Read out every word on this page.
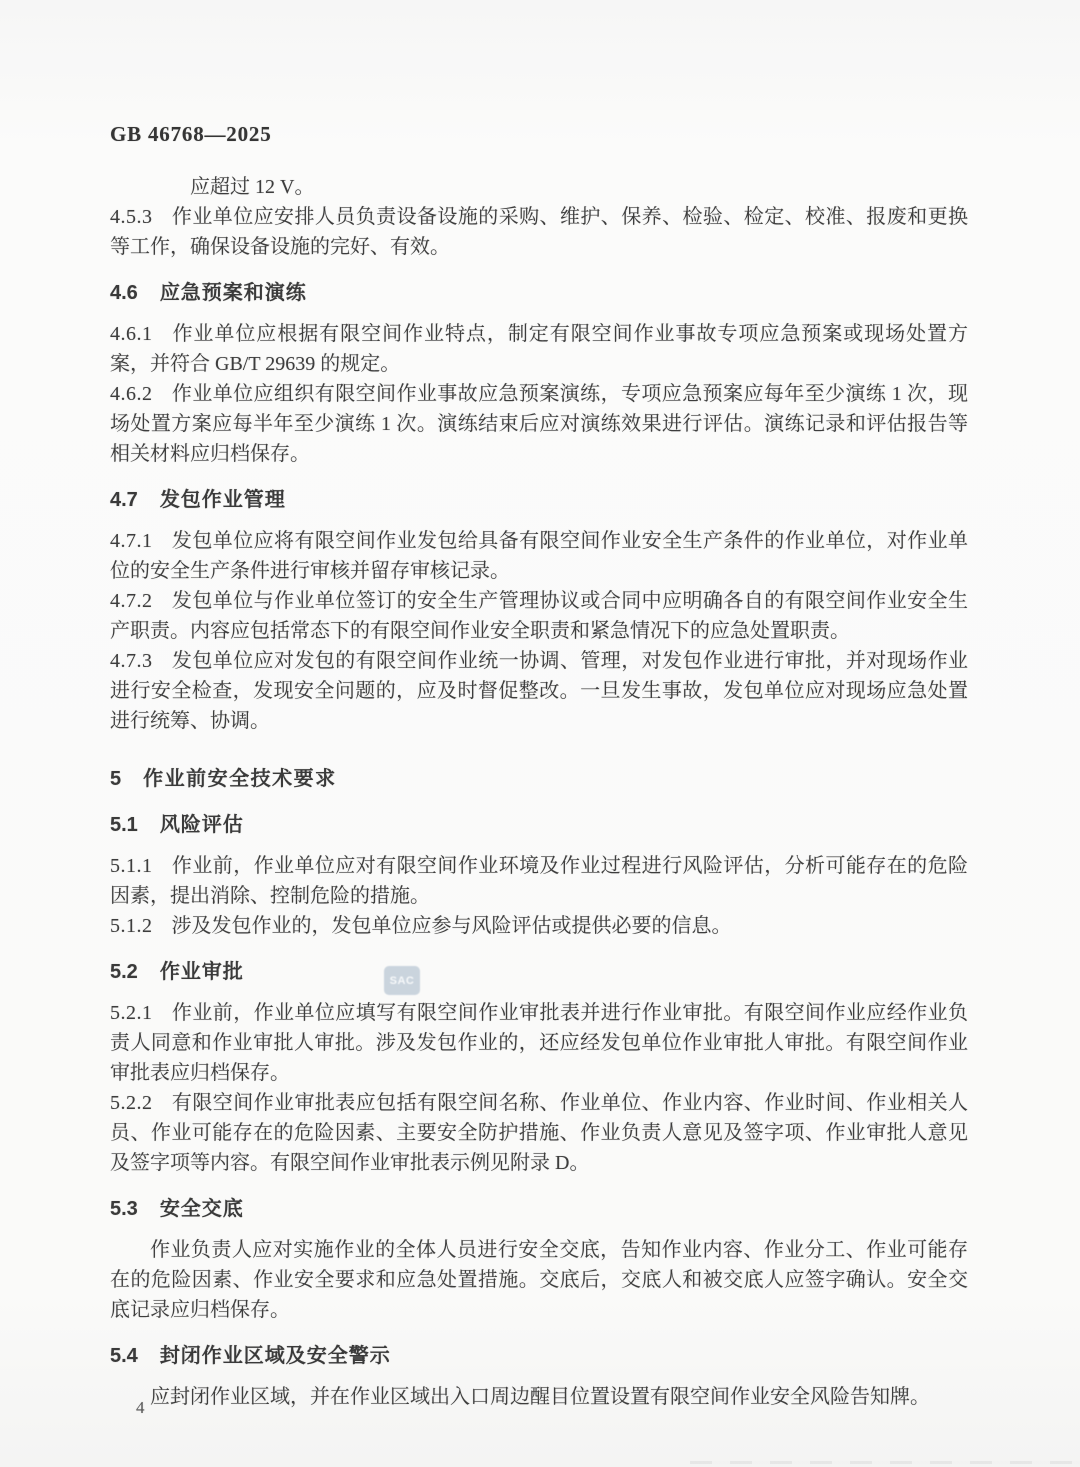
GB 46768—2025

应超过 12 V。

4.5.3 作业单位应安排人员负责设备设施的采购、维护、保养、检验、检定、校准、报废和更换等工作，确保设备设施的完好、有效。

4.6 应急预案和演练

4.6.1 作业单位应根据有限空间作业特点，制定有限空间作业事故专项应急预案或现场处置方案，并符合 GB/T 29639 的规定。

4.6.2 作业单位应组织有限空间作业事故应急预案演练，专项应急预案应每年至少演练 1 次，现场处置方案应每半年至少演练 1 次。演练结束后应对演练效果进行评估。演练记录和评估报告等相关材料应归档保存。

4.7 发包作业管理

4.7.1 发包单位应将有限空间作业发包给具备有限空间作业安全生产条件的作业单位，对作业单位的安全生产条件进行审核并留存审核记录。

4.7.2 发包单位与作业单位签订的安全生产管理协议或合同中应明确各自的有限空间作业安全生产职责。内容应包括常态下的有限空间作业安全职责和紧急情况下的应急处置职责。

4.7.3 发包单位应对发包的有限空间作业统一协调、管理，对发包作业进行审批，并对现场作业进行安全检查，发现安全问题的，应及时督促整改。一旦发生事故，发包单位应对现场应急处置进行统筹、协调。

5 作业前安全技术要求
5.1 风险评估

5.1.1 作业前，作业单位应对有限空间作业环境及作业过程进行风险评估，分析可能存在的危险因素，提出消除、控制危险的措施。

5.1.2 涉及发包作业的，发包单位应参与风险评估或提供必要的信息。

5.2 作业审批

5.2.1 作业前，作业单位应填写有限空间作业审批表并进行作业审批。有限空间作业应经作业负责人同意和作业审批人审批。涉及发包作业的，还应经发包单位作业审批人审批。有限空间作业审批表应归档保存。

5.2.2 有限空间作业审批表应包括有限空间名称、作业单位、作业内容、作业时间、作业相关人员、作业可能存在的危险因素、主要安全防护措施、作业负责人意见及签字项、作业审批人意见及签字项等内容。有限空间作业审批表示例见附录 D。

5.3 安全交底

作业负责人应对实施作业的全体人员进行安全交底，告知作业内容、作业分工、作业可能存在的危险因素、作业安全要求和应急处置措施。交底后，交底人和被交底人应签字确认。安全交底记录应归档保存。

5.4 封闭作业区域及安全警示

应封闭作业区域，并在作业区域出入口周边醒目位置设置有限空间作业安全风险告知牌。

SAC
4
